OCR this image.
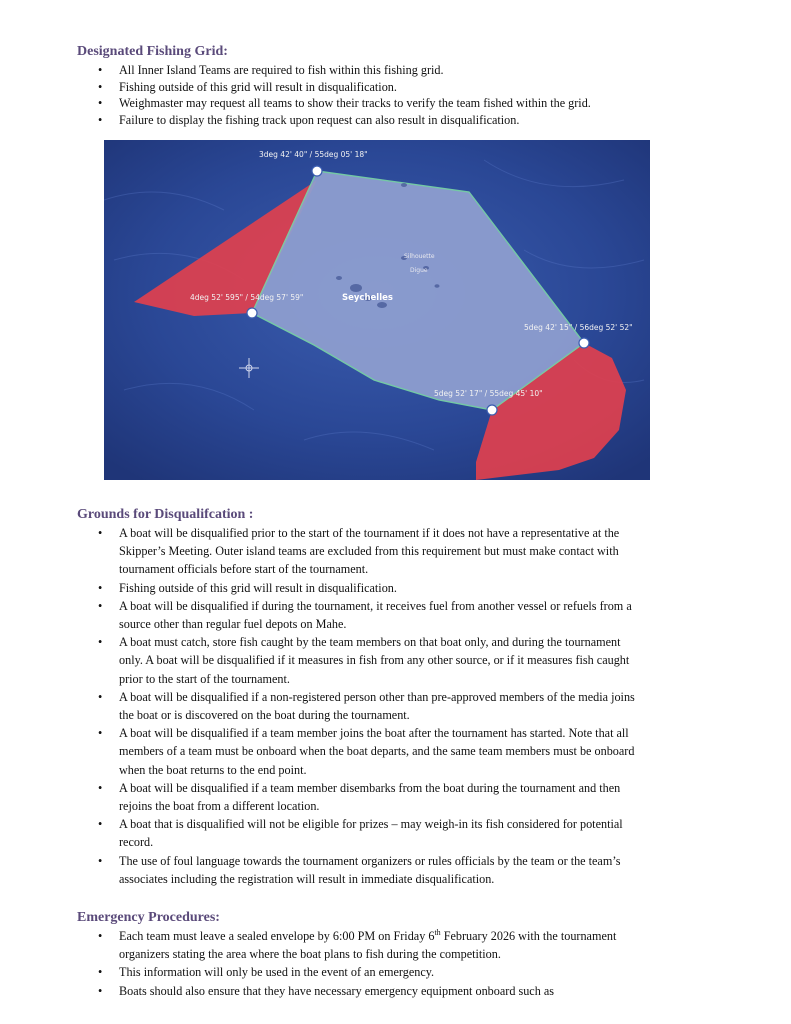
Designated Fishing Grid:
• All Inner Island Teams are required to fish within this fishing grid.
• Fishing outside of this grid will result in disqualification.
• Weighmaster may request all teams to show their tracks to verify the team fished within the grid.
• Failure to display the fishing track upon request can also result in disqualification.
3deg 42' 40" / 55deg 05' 18"
4deg 52' 595" / 54deg 57' 59"
5deg 42' 15" / 56deg 52' 52"
5deg 52' 17" / 55deg 45' 10"
Seychelles
Silhouette
Digue
Grounds for Disqualifcation :
• A boat will be disqualified prior to the start of the tournament if it does not have a representative at the Skipper’s Meeting. Outer island teams are excluded from this requirement but must make contact with tournament officials before start of the tournament.
• Fishing outside of this grid will result in disqualification.
• A boat will be disqualified if during the tournament, it receives fuel from another vessel or refuels from a source other than regular fuel depots on Mahe.
• A boat must catch, store fish caught by the team members on that boat only, and during the tournament only. A boat will be disqualified if it measures in fish from any other source, or if it measures fish caught prior to the start of the tournament.
• A boat will be disqualified if a non-registered person other than pre-approved members of the media joins the boat or is discovered on the boat during the tournament.
• A boat will be disqualified if a team member joins the boat after the tournament has started. Note that all members of a team must be onboard when the boat departs, and the same team members must be onboard when the boat returns to the end point.
• A boat will be disqualified if a team member disembarks from the boat during the tournament and then rejoins the boat from a different location.
• A boat that is disqualified will not be eligible for prizes – may weigh-in its fish considered for potential record.
• The use of foul language towards the tournament organizers or rules officials by the team or the team’s associates including the registration will result in immediate disqualification.
Emergency Procedures:
• Each team must leave a sealed envelope by 6:00 PM on Friday 6th February 2026 with the tournament organizers stating the area where the boat plans to fish during the competition.
• This information will only be used in the event of an emergency.
• Boats should also ensure that they have necessary emergency equipment onboard such as
